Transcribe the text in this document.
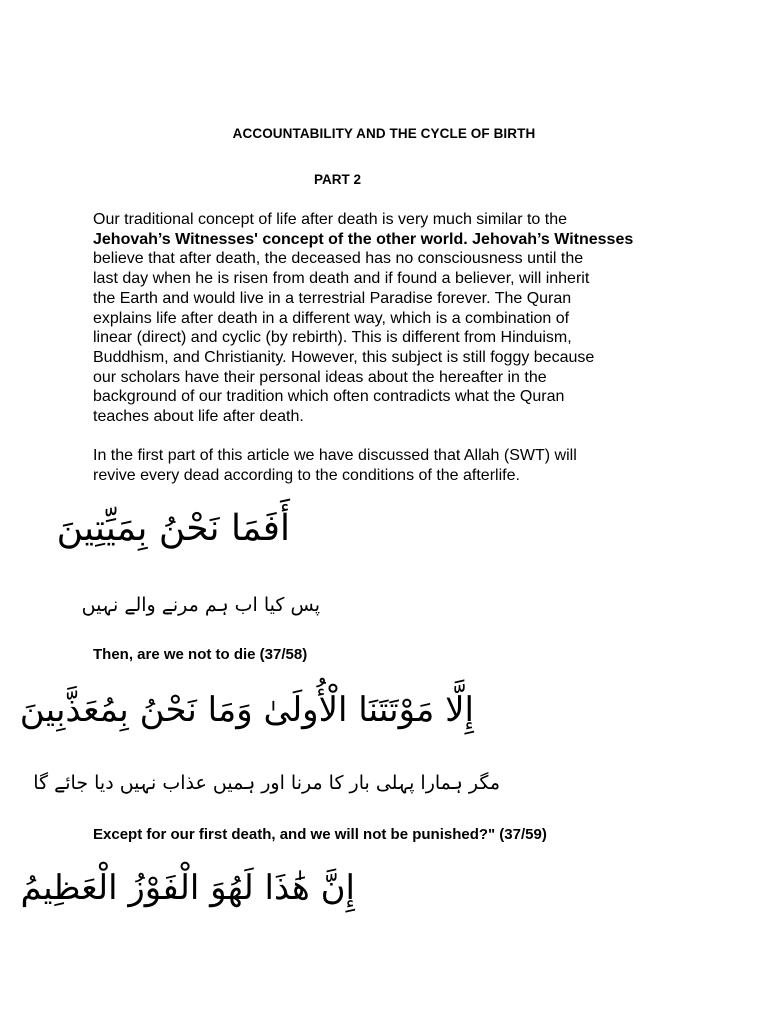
ACCOUNTABILITY AND THE CYCLE OF BIRTH
PART 2
Our traditional concept of life after death is very much similar to the
Jehovah’s Witnesses' concept of the other world. Jehovah’s Witnesses
believe that after death, the deceased has no consciousness until the
last day when he is risen from death and if found a believer, will inherit
the Earth and would live in a terrestrial Paradise forever. The Quran
explains life after death in a different way, which is a combination of
linear (direct) and cyclic (by rebirth). This is different from Hinduism,
Buddhism, and Christianity. However, this subject is still foggy because
our scholars have their personal ideas about the hereafter in the
background of our tradition which often contradicts what the Quran
teaches about life after death.
In the first part of this article we have discussed that Allah (SWT) will
revive every dead according to the conditions of the afterlife.
أَفَمَا نَحْنُ بِمَيِّتِينَ
پس کیا اب ہم مرنے والے نہیں
Then, are we not to die (37/58)
إِلَّا مَوْتَتَنَا الْأُولَىٰ وَمَا نَحْنُ بِمُعَذَّبِينَ
مگر ہمارا پہلی بار کا مرنا اور ہمیں عذاب نہیں دیا جائے گا
Except for our first death, and we will not be punished?" (37/59)
إِنَّ هَٰذَا لَهُوَ الْفَوْزُ الْعَظِيمُ
